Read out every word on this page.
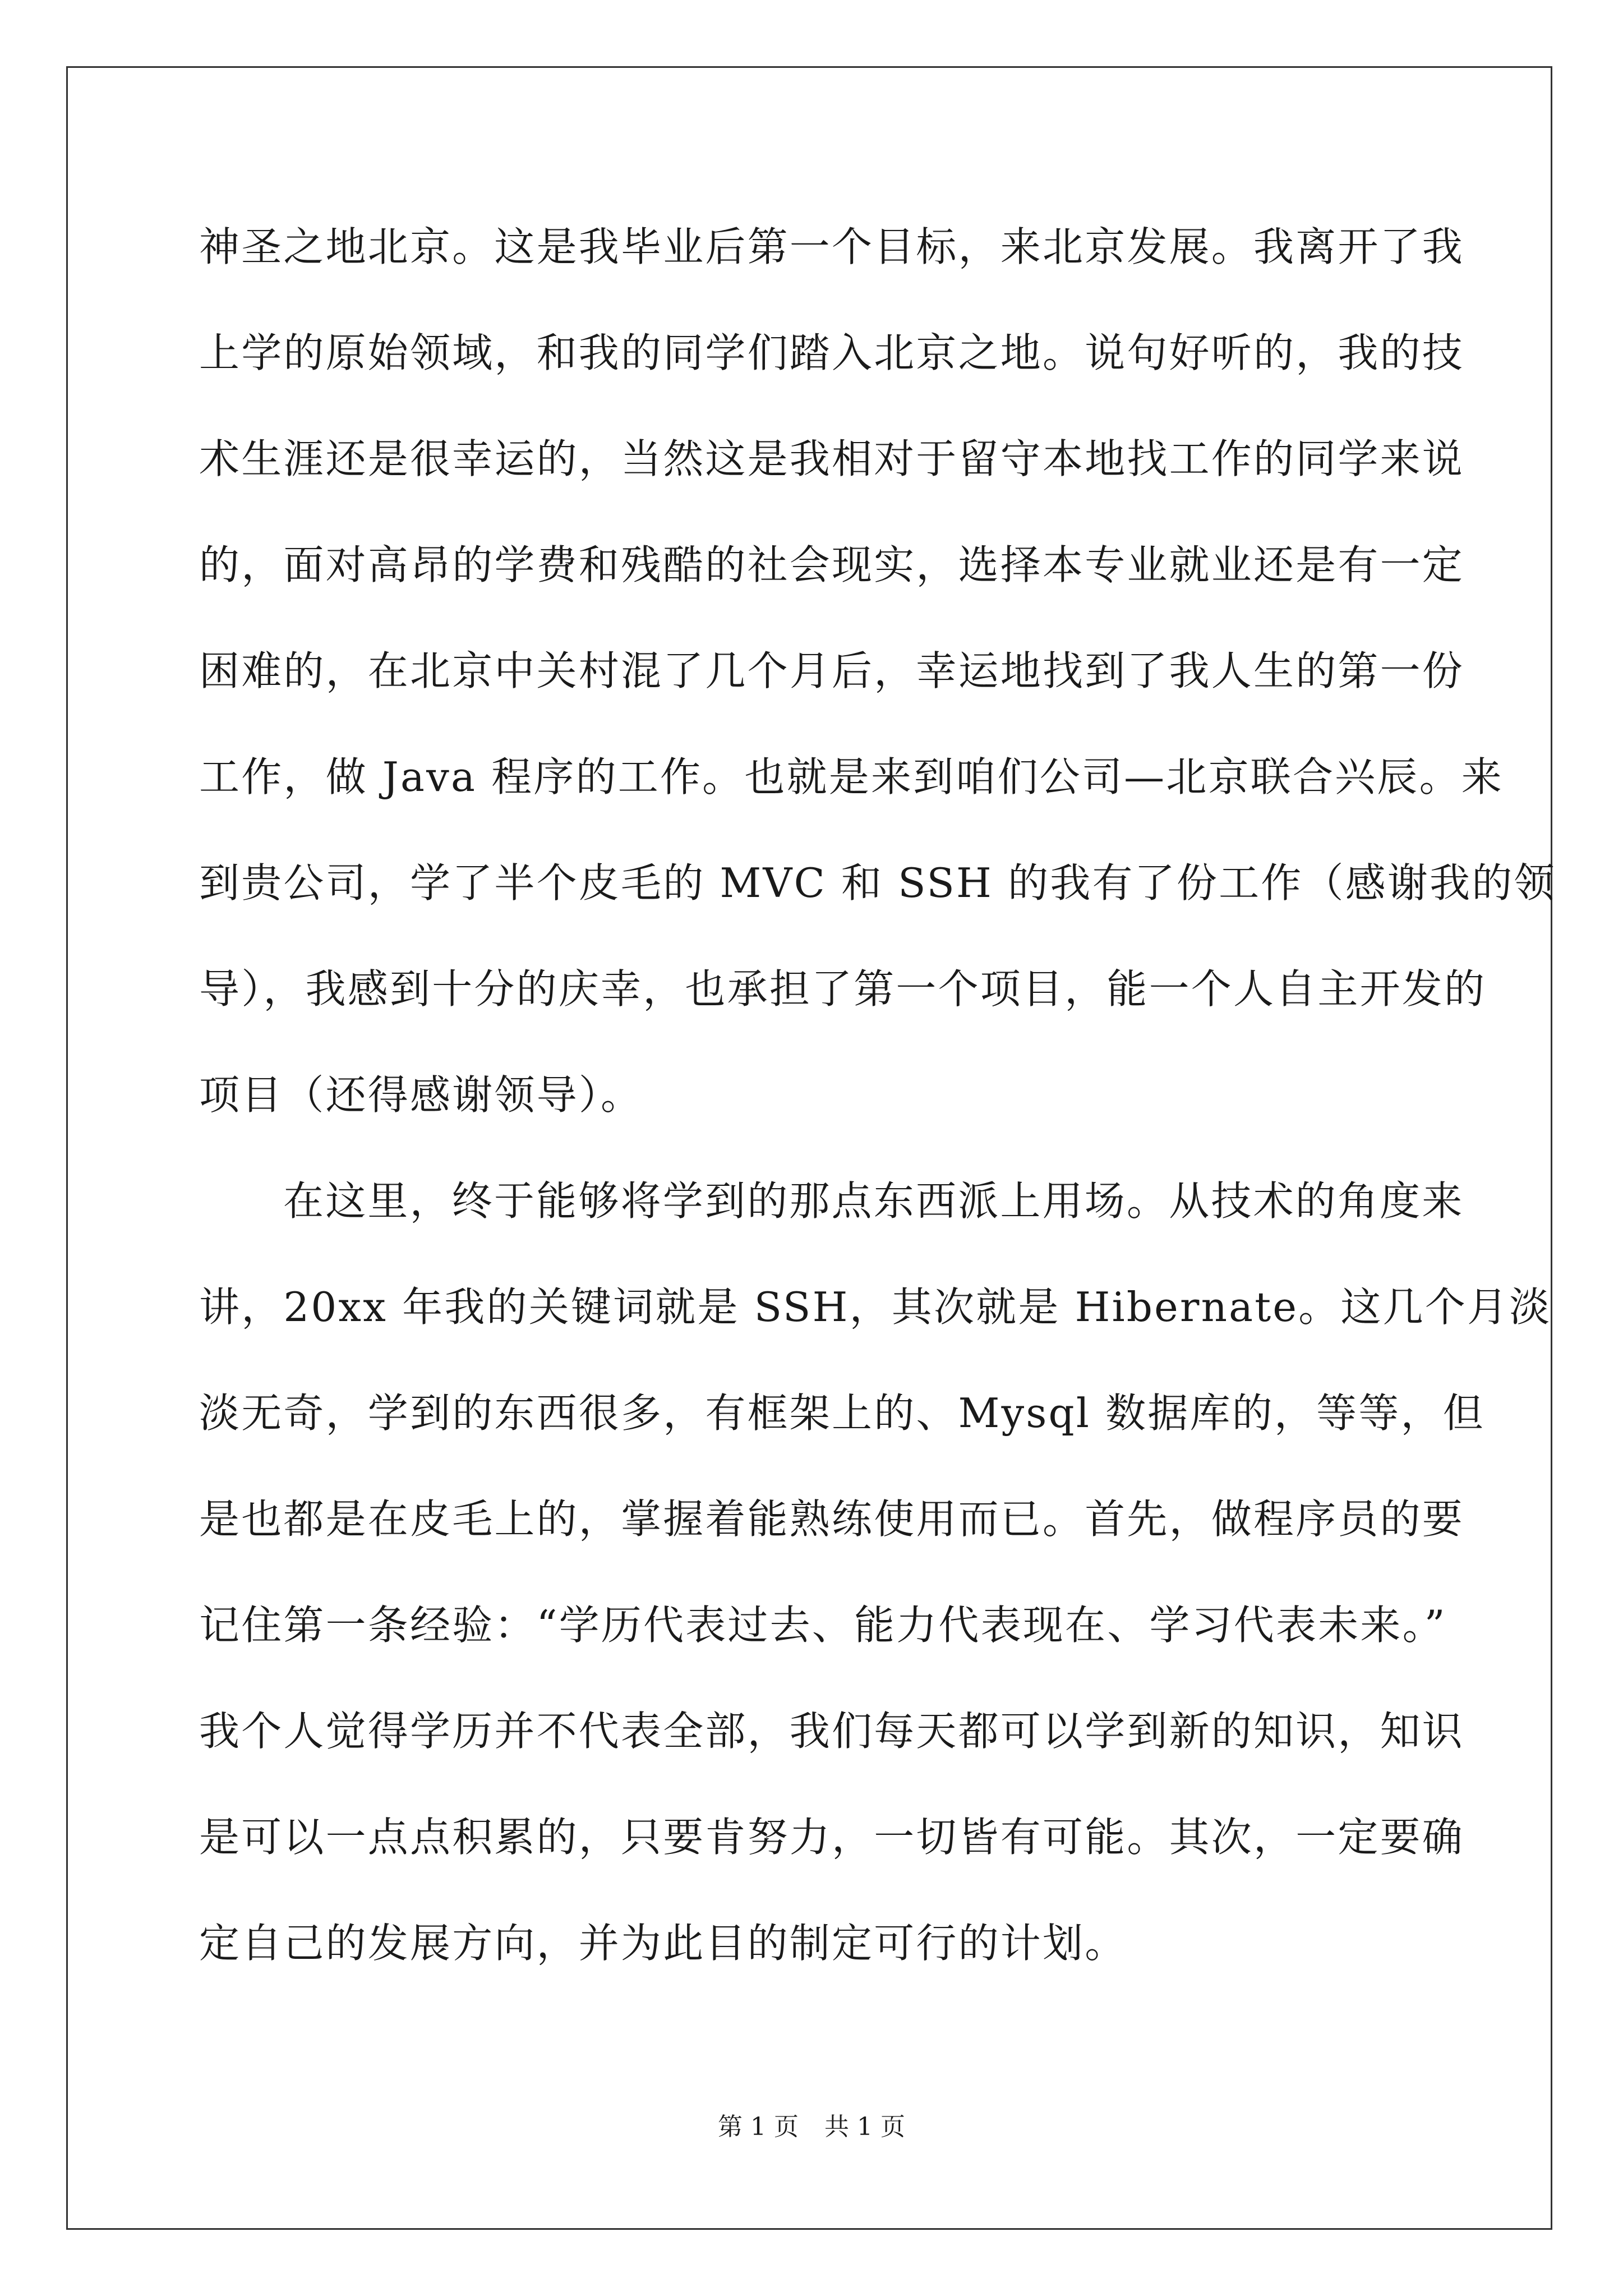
神圣之地北京。这是我毕业后第一个目标，来北京发展。我离开了我

上学的原始领域，和我的同学们踏入北京之地。说句好听的，我的技

术生涯还是很幸运的，当然这是我相对于留守本地找工作的同学来说

的，面对高昂的学费和残酷的社会现实，选择本专业就业还是有一定

困难的，在北京中关村混了几个月后，幸运地找到了我人生的第一份

工作，做 Java 程序的工作。也就是来到咱们公司—北京联合兴辰。来

到贵公司，学了半个皮毛的 MVC 和 SSH 的我有了份工作（感谢我的领

导），我感到十分的庆幸，也承担了第一个项目，能一个人自主开发的

项目（还得感谢领导）。

在这里，终于能够将学到的那点东西派上用场。从技术的角度来

讲，20xx 年我的关键词就是 SSH，其次就是 Hibernate。这几个月淡

淡无奇，学到的东西很多，有框架上的、Mysql 数据库的，等等，但

是也都是在皮毛上的，掌握着能熟练使用而已。首先，做程序员的要

记住第一条经验：“学历代表过去、能力代表现在、学习代表未来。”

我个人觉得学历并不代表全部，我们每天都可以学到新的知识，知识

是可以一点点积累的，只要肯努力，一切皆有可能。其次，一定要确

定自己的发展方向，并为此目的制定可行的计划。

第 1 页 共 1 页
